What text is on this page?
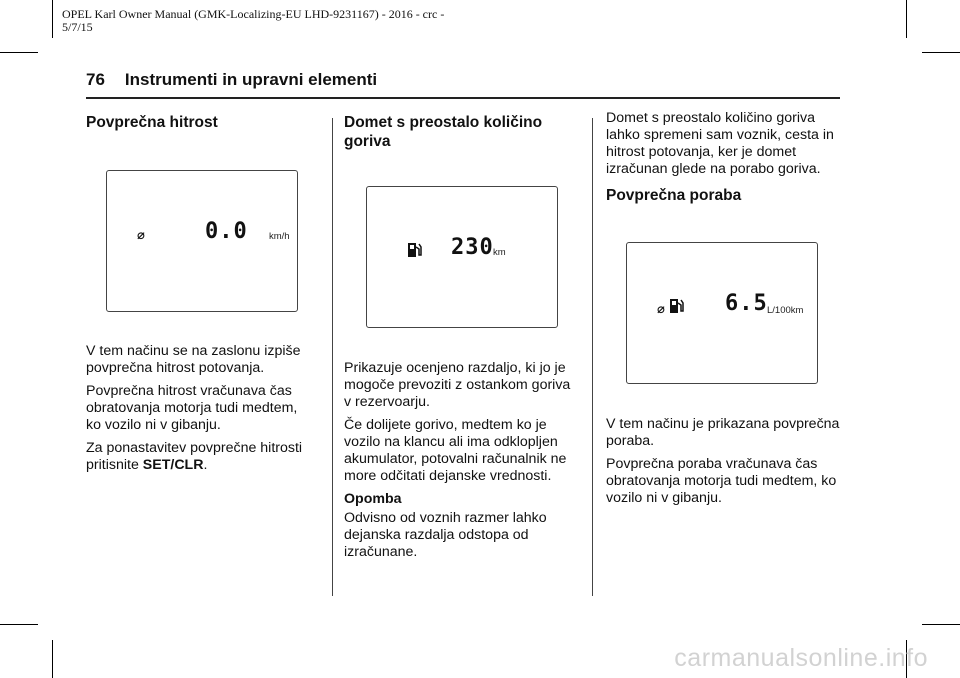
OPEL Karl Owner Manual (GMK-Localizing-EU LHD-9231167) - 2016 - crc -
5/7/15
76 Instrumenti in upravni elementi
Povprečna hitrost
⌀	0.0 km/h

V tem načinu se na zaslonu izpiše povprečna hitrost potovanja.

Povprečna hitrost vračunava čas obratovanja motorja tudi medtem, ko vozilo ni v gibanju.

Za ponastavitev povprečne hitrosti pritisnite SET/CLR.

Domet s preostalo količino goriva
230 km

Prikazuje ocenjeno razdaljo, ki jo je mogoče prevoziti z ostankom goriva v rezervoarju.

Če dolijete gorivo, medtem ko je vozilo na klancu ali ima odklopljen akumulator, potovalni računalnik ne more odčitati dejanske vrednosti.

Opomba

Odvisno od voznih razmer lahko dejanska razdalja odstopa od izračunane.

Domet s preostalo količino goriva lahko spremeni sam voznik, cesta in hitrost potovanja, ker je domet izračunan glede na porabo goriva.

Povprečna poraba
⌀	6.5 L/100km

V tem načinu je prikazana povprečna poraba.

Povprečna poraba vračunava čas obratovanja motorja tudi medtem, ko vozilo ni v gibanju.

carmanualsonline.info
